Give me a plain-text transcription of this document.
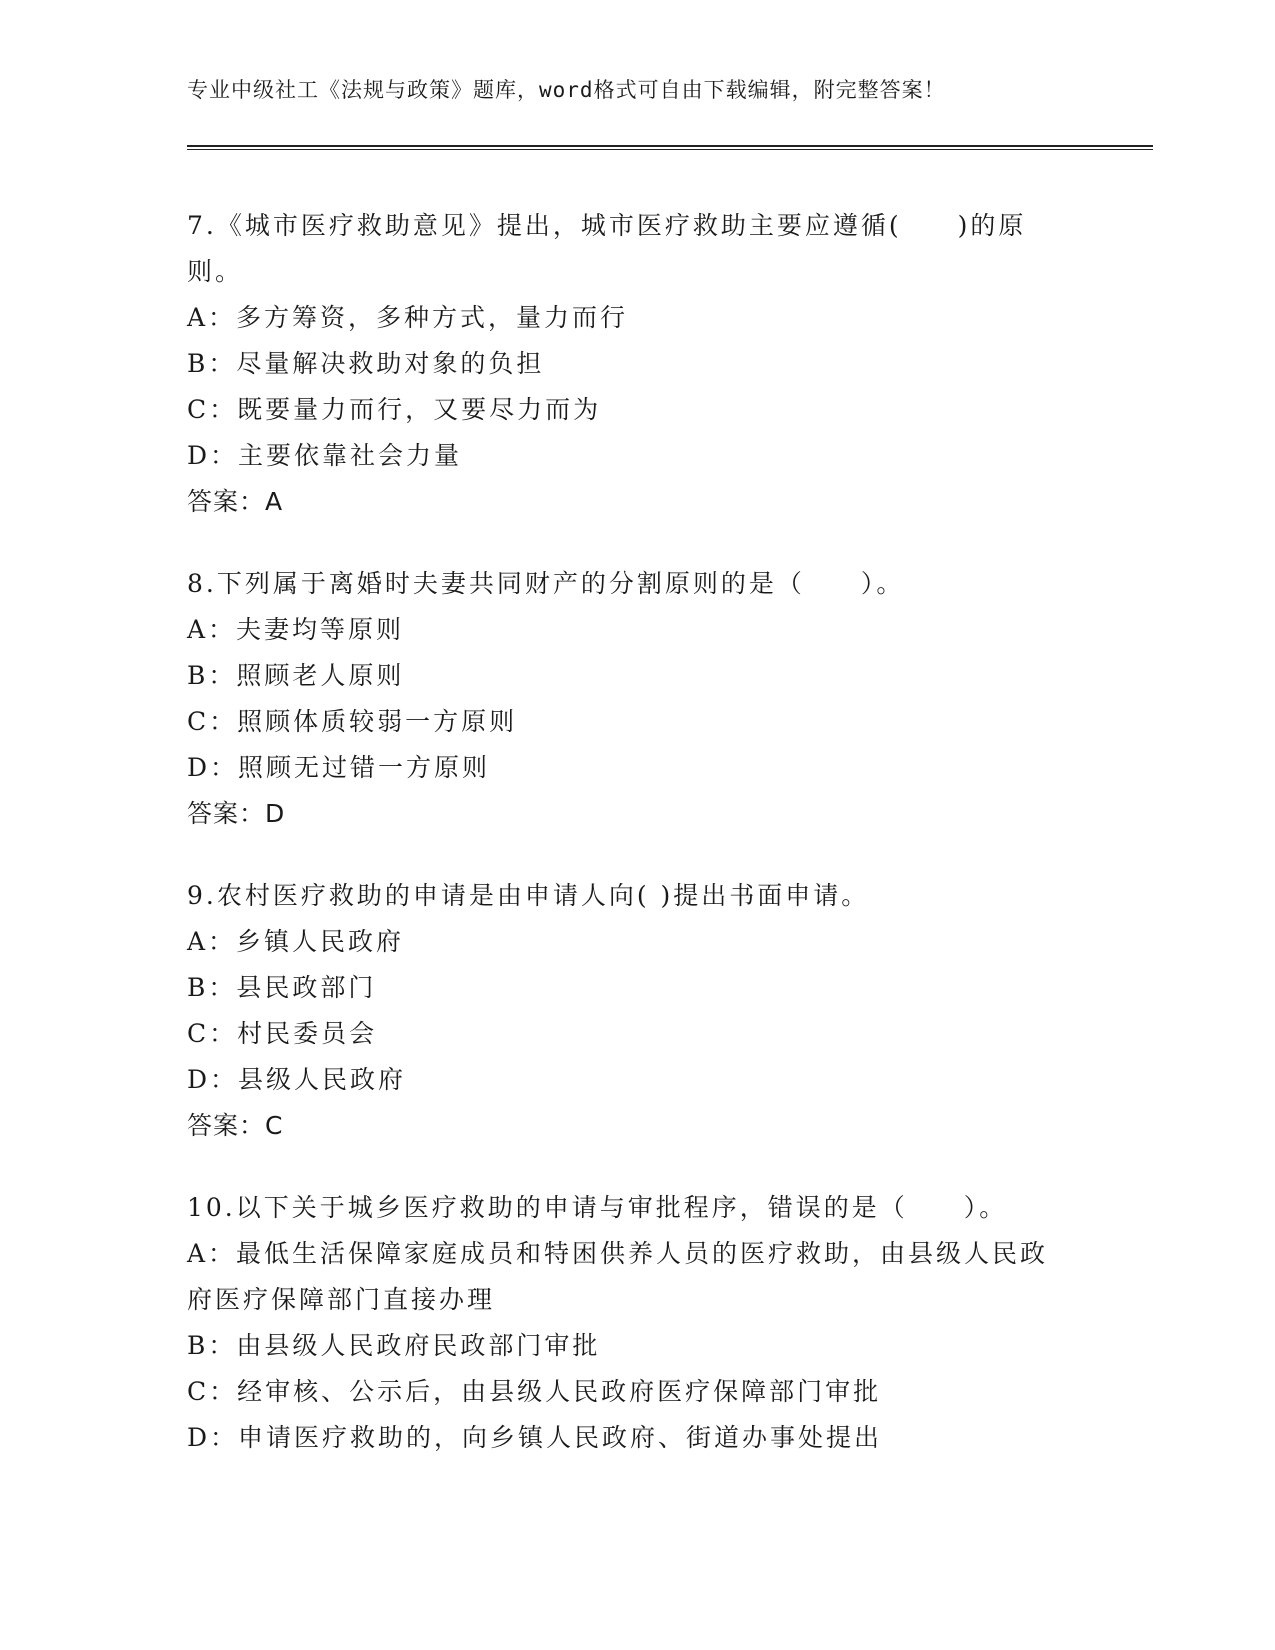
专业中级社工《法规与政策》题库，word格式可自由下载编辑，附完整答案！
7.《城市医疗救助意见》提出，城市医疗救助主要应遵循(　　)的原则。
A：多方筹资，多种方式，量力而行
B：尽量解决救助对象的负担
C：既要量力而行，又要尽力而为
D：主要依靠社会力量
答案：A
8.下列属于离婚时夫妻共同财产的分割原则的是（　　）。
A：夫妻均等原则
B：照顾老人原则
C：照顾体质较弱一方原则
D：照顾无过错一方原则
答案：D
9.农村医疗救助的申请是由申请人向( )提出书面申请。
A：乡镇人民政府
B：县民政部门
C：村民委员会
D：县级人民政府
答案：C
10.以下关于城乡医疗救助的申请与审批程序，错误的是（　　）。
A：最低生活保障家庭成员和特困供养人员的医疗救助，由县级人民政府医疗保障部门直接办理
B：由县级人民政府民政部门审批
C：经审核、公示后，由县级人民政府医疗保障部门审批
D：申请医疗救助的，向乡镇人民政府、街道办事处提出
